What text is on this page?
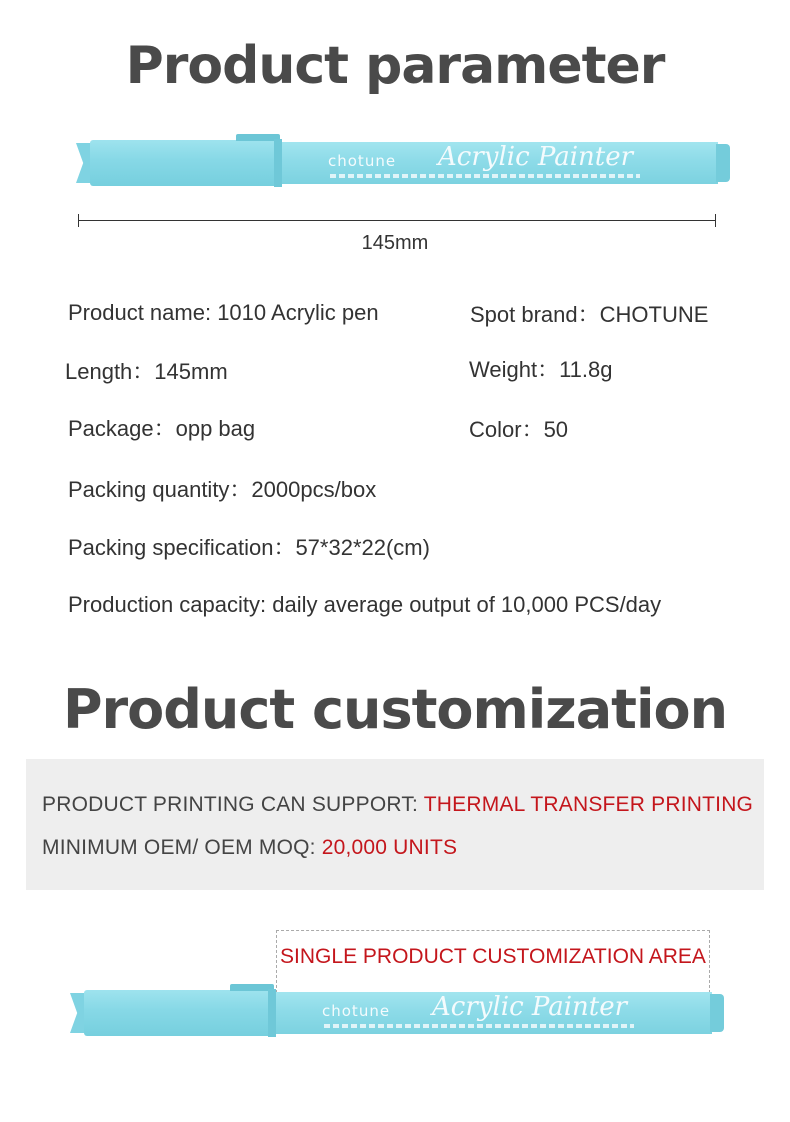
Product parameter
chotune Acrylic Painter
145mm
Product name: 1010 Acrylic pen	Spot brand：CHOTUNE
Length：145mm	Weight：11.8g
Package：opp bag	Color：50
Packing quantity：2000pcs/box
Packing specification：57*32*22(cm)
Production capacity: daily average output of 10,000 PCS/day
Product customization
PRODUCT PRINTING CAN SUPPORT: THERMAL TRANSFER PRINTING
MINIMUM OEM/ OEM MOQ: 20,000 UNITS
SINGLE PRODUCT CUSTOMIZATION AREA
chotune Acrylic Painter
